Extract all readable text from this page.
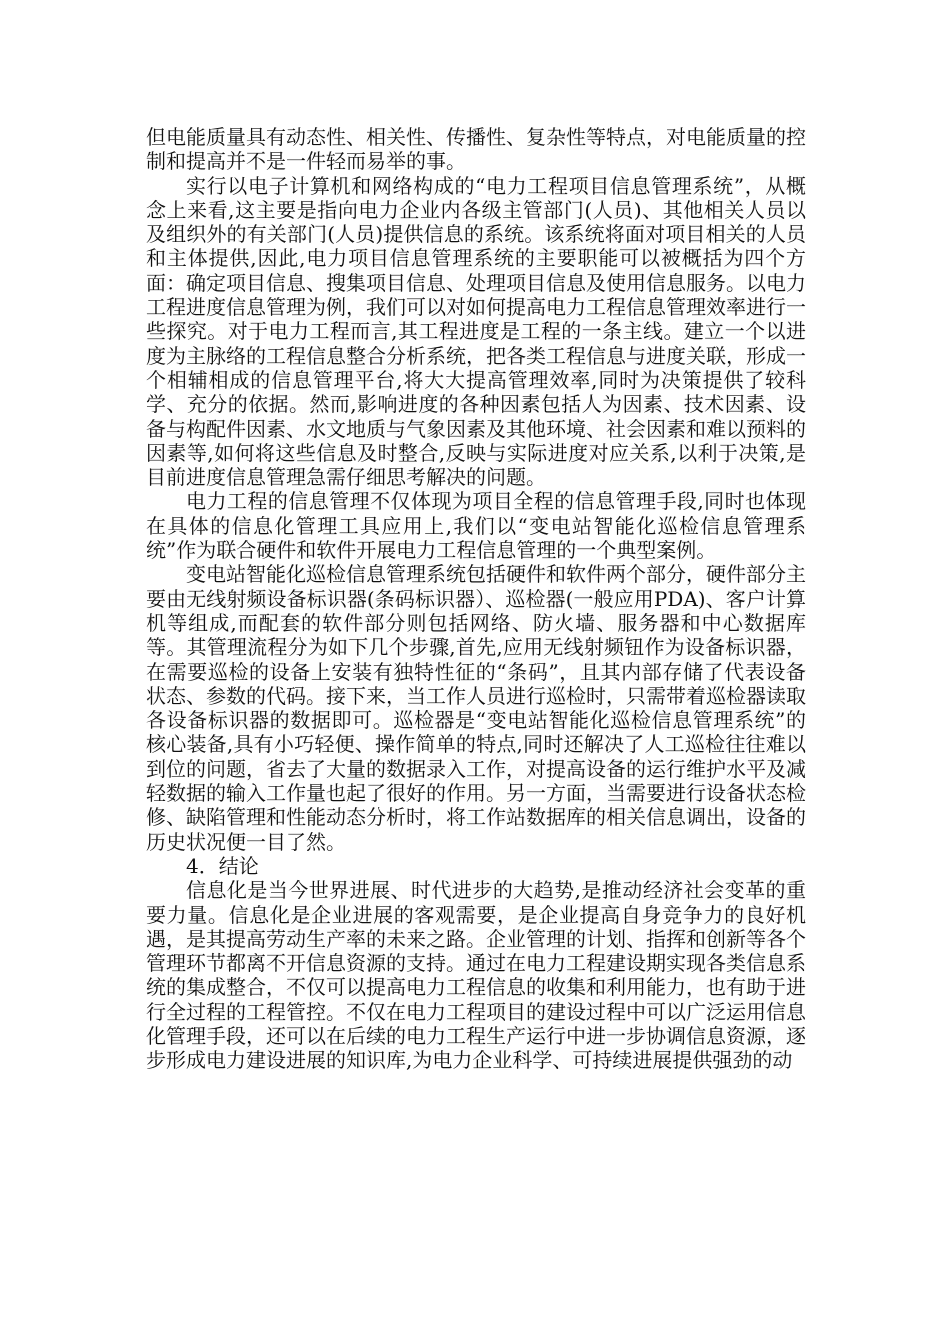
但电能质量具有动态性、相关性、传播性、复杂性等特点，对电能质量的控制和提高并不是一件轻而易举的事。

实行以电子计算机和网络构成的“电力工程项目信息管理系统”，从概念上来看,这主要是指向电力企业内各级主管部门(人员)、其他相关人员以及组织外的有关部门(人员)提供信息的系统。该系统将面对项目相关的人员和主体提供,因此,电力项目信息管理系统的主要职能可以被概括为四个方面：确定项目信息、搜集项目信息、处理项目信息及使用信息服务。以电力工程进度信息管理为例，我们可以对如何提高电力工程信息管理效率进行一些探究。对于电力工程而言,其工程进度是工程的一条主线。建立一个以进度为主脉络的工程信息整合分析系统，把各类工程信息与进度关联，形成一个相辅相成的信息管理平台,将大大提高管理效率,同时为决策提供了较科学、充分的依据。然而,影响进度的各种因素包括人为因素、技术因素、设备与构配件因素、水文地质与气象因素及其他环境、社会因素和难以预料的因素等,如何将这些信息及时整合,反映与实际进度对应关系,以利于决策,是目前进度信息管理急需仔细思考解决的问题。

电力工程的信息管理不仅体现为项目全程的信息管理手段,同时也体现在具体的信息化管理工具应用上,我们以“变电站智能化巡检信息管理系统”作为联合硬件和软件开展电力工程信息管理的一个典型案例。

变电站智能化巡检信息管理系统包括硬件和软件两个部分，硬件部分主要由无线射频设备标识器(条码标识器）、巡检器(一般应用PDA)、客户计算机等组成,而配套的软件部分则包括网络、防火墙、服务器和中心数据库等。其管理流程分为如下几个步骤,首先,应用无线射频钮作为设备标识器，在需要巡检的设备上安装有独特性征的“条码”，且其内部存储了代表设备状态、参数的代码。接下来，当工作人员进行巡检时，只需带着巡检器读取各设备标识器的数据即可。巡检器是“变电站智能化巡检信息管理系统”的核心装备,具有小巧轻便、操作简单的特点,同时还解决了人工巡检往往难以到位的问题，省去了大量的数据录入工作，对提高设备的运行维护水平及减轻数据的输入工作量也起了很好的作用。另一方面，当需要进行设备状态检修、缺陷管理和性能动态分析时，将工作站数据库的相关信息调出，设备的历史状况便一目了然。

4．结论

信息化是当今世界进展、时代进步的大趋势,是推动经济社会变革的重要力量。信息化是企业进展的客观需要，是企业提高自身竞争力的良好机遇，是其提高劳动生产率的未来之路。企业管理的计划、指挥和创新等各个管理环节都离不开信息资源的支持。通过在电力工程建设期实现各类信息系统的集成整合，不仅可以提高电力工程信息的收集和利用能力，也有助于进行全过程的工程管控。不仅在电力工程项目的建设过程中可以广泛运用信息化管理手段，还可以在后续的电力工程生产运行中进一步协调信息资源，逐步形成电力建设进展的知识库,为电力企业科学、可持续进展提供强劲的动
